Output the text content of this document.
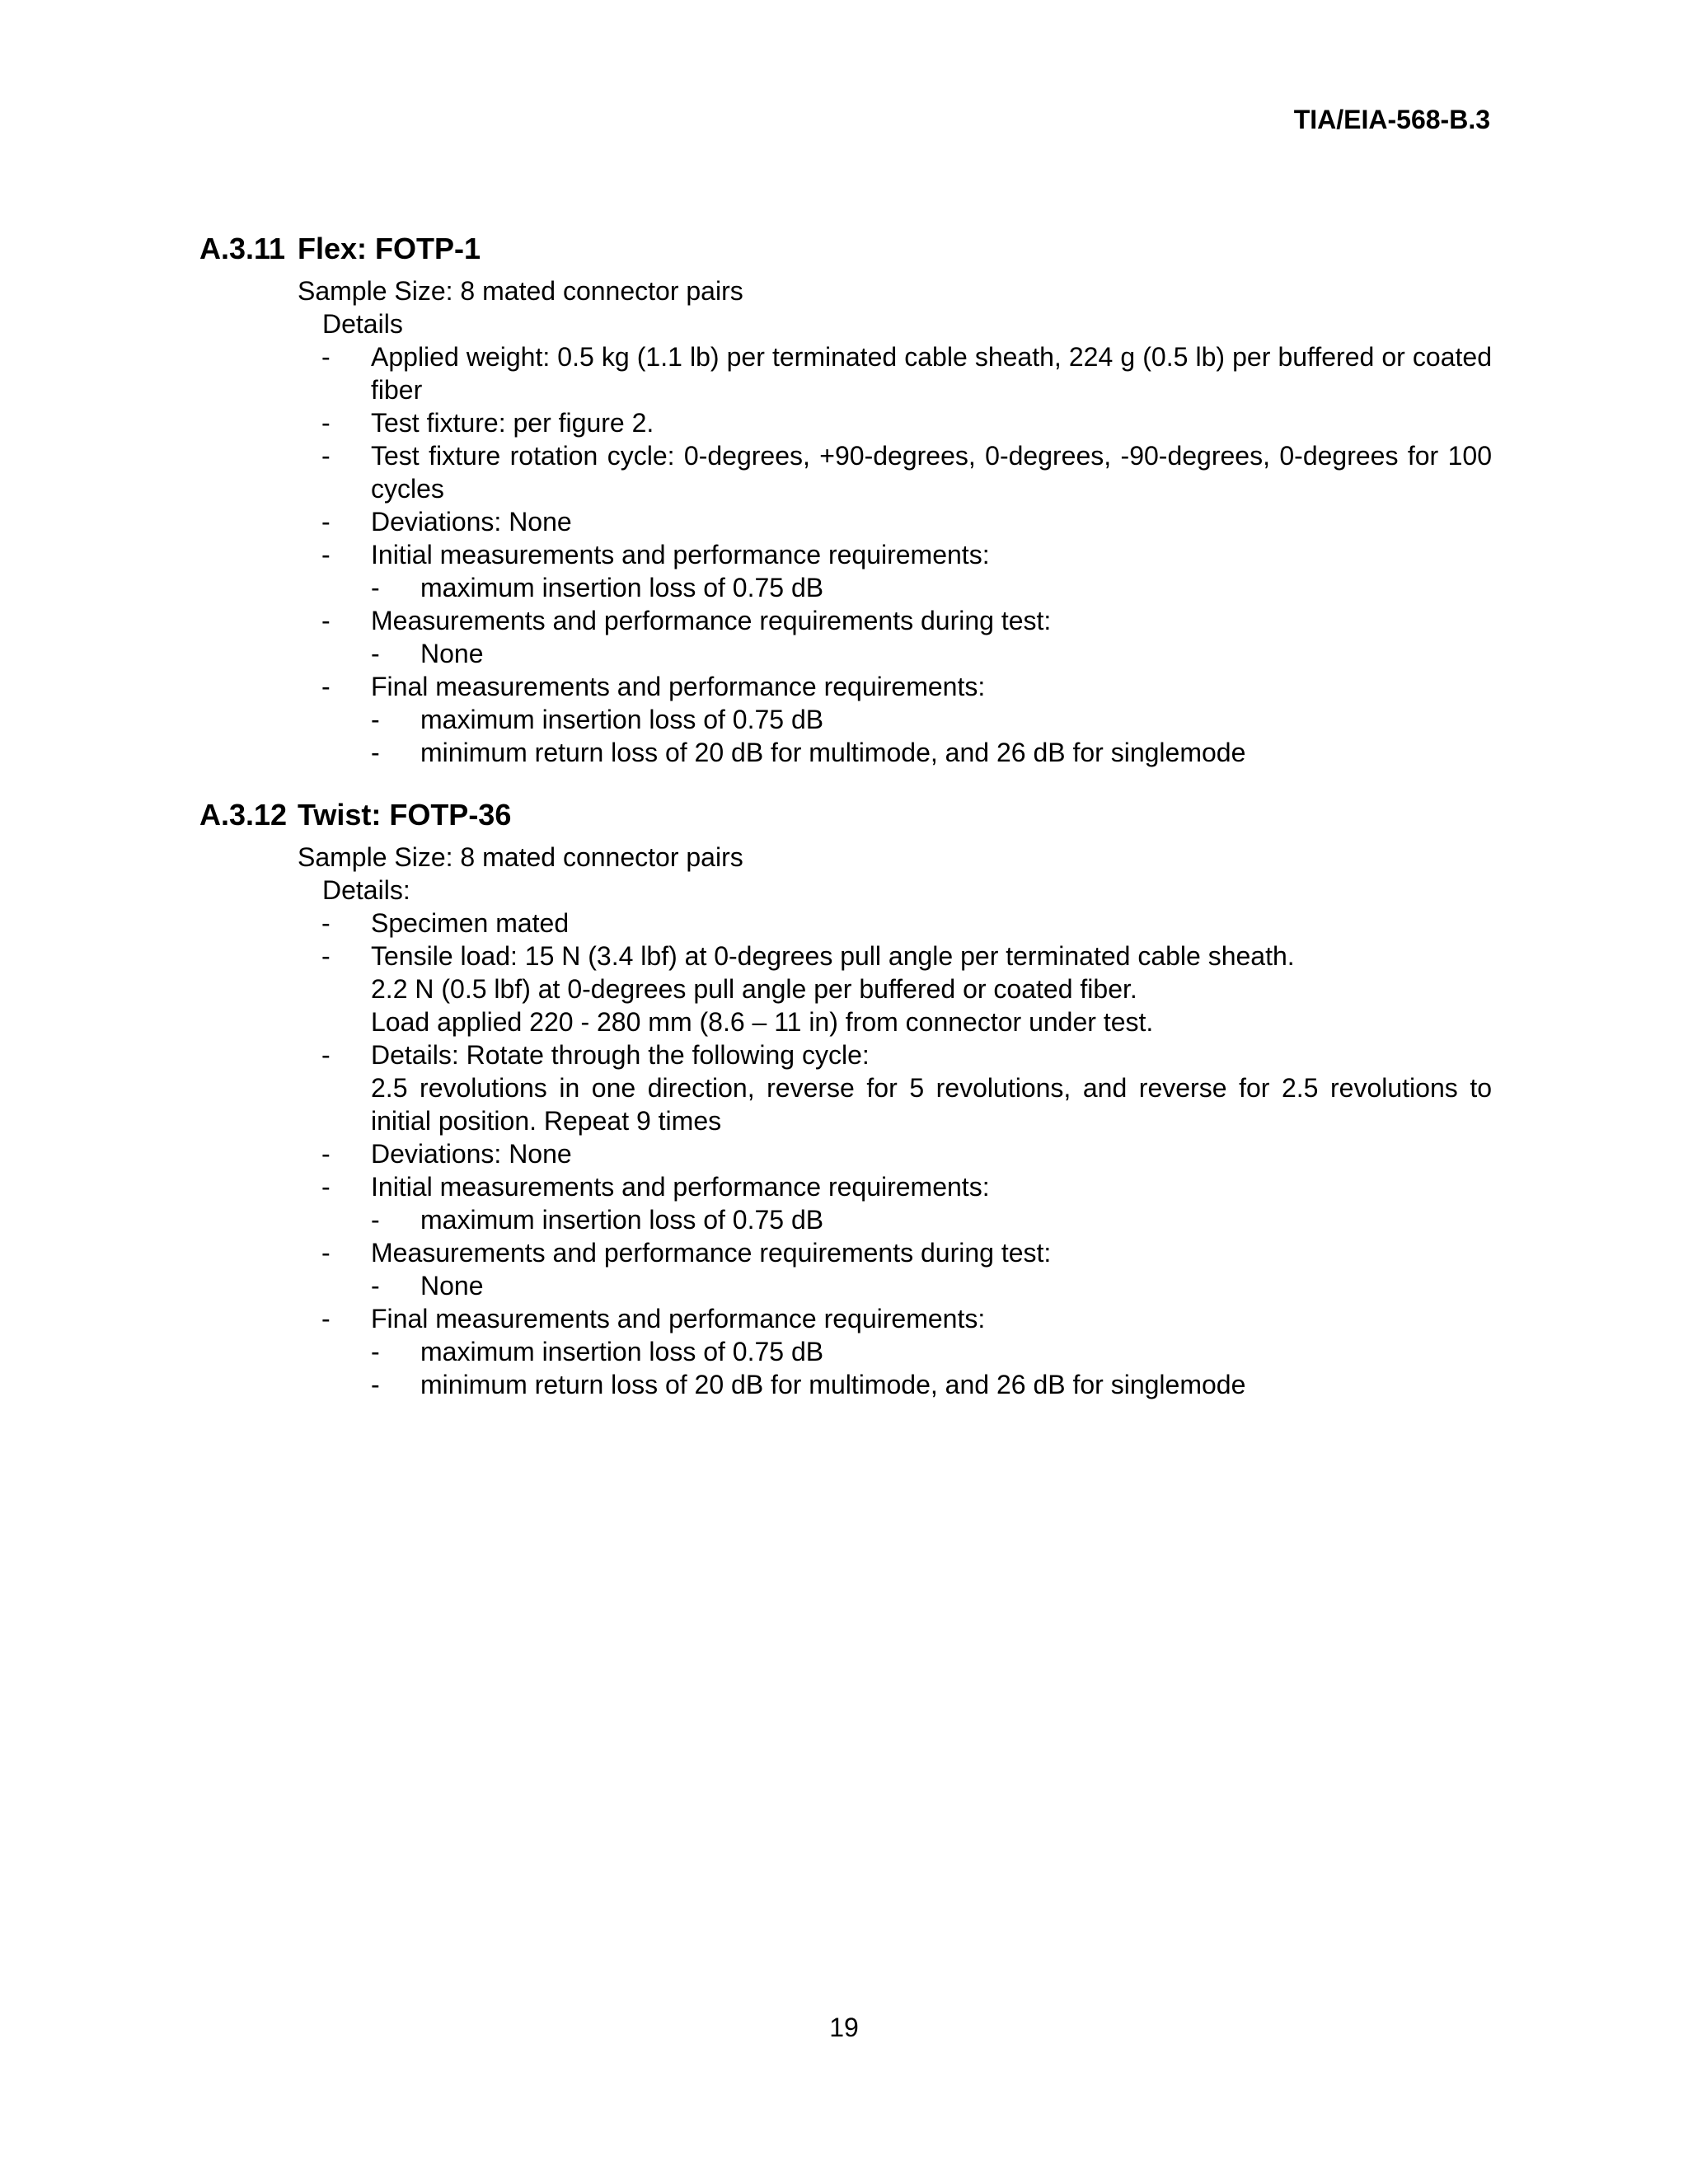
TIA/EIA-568-B.3
A.3.11 Flex: FOTP-1
Sample Size: 8 mated connector pairs
Details
-	Applied weight: 0.5 kg (1.1 lb) per terminated cable sheath, 224 g (0.5 lb) per buffered or coated fiber
-	Test fixture: per figure 2.
-	Test fixture rotation cycle: 0-degrees, +90-degrees, 0-degrees, -90-degrees, 0-degrees for 100 cycles
-	Deviations: None
-	Initial measurements and performance requirements:
-	maximum insertion loss of 0.75 dB
-	Measurements and performance requirements during test:
-	None
-	Final measurements and performance requirements:
-	maximum insertion loss of 0.75 dB
-	minimum return loss of 20 dB for multimode, and 26 dB for singlemode
A.3.12 Twist: FOTP-36
Sample Size: 8 mated connector pairs
Details:
-	Specimen mated
-	Tensile load: 15 N (3.4 lbf) at 0-degrees pull angle per terminated cable sheath.
2.2 N (0.5 lbf) at 0-degrees pull angle per buffered or coated fiber.
Load applied 220 - 280 mm (8.6 – 11 in) from connector under test.
-	Details: Rotate through the following cycle:
2.5 revolutions in one direction, reverse for 5 revolutions, and reverse for 2.5 revolutions to initial position. Repeat 9 times
-	Deviations: None
-	Initial measurements and performance requirements:
-	maximum insertion loss of 0.75 dB
-	Measurements and performance requirements during test:
-	None
-	Final measurements and performance requirements:
-	maximum insertion loss of 0.75 dB
-	minimum return loss of 20 dB for multimode, and 26 dB for singlemode
19
